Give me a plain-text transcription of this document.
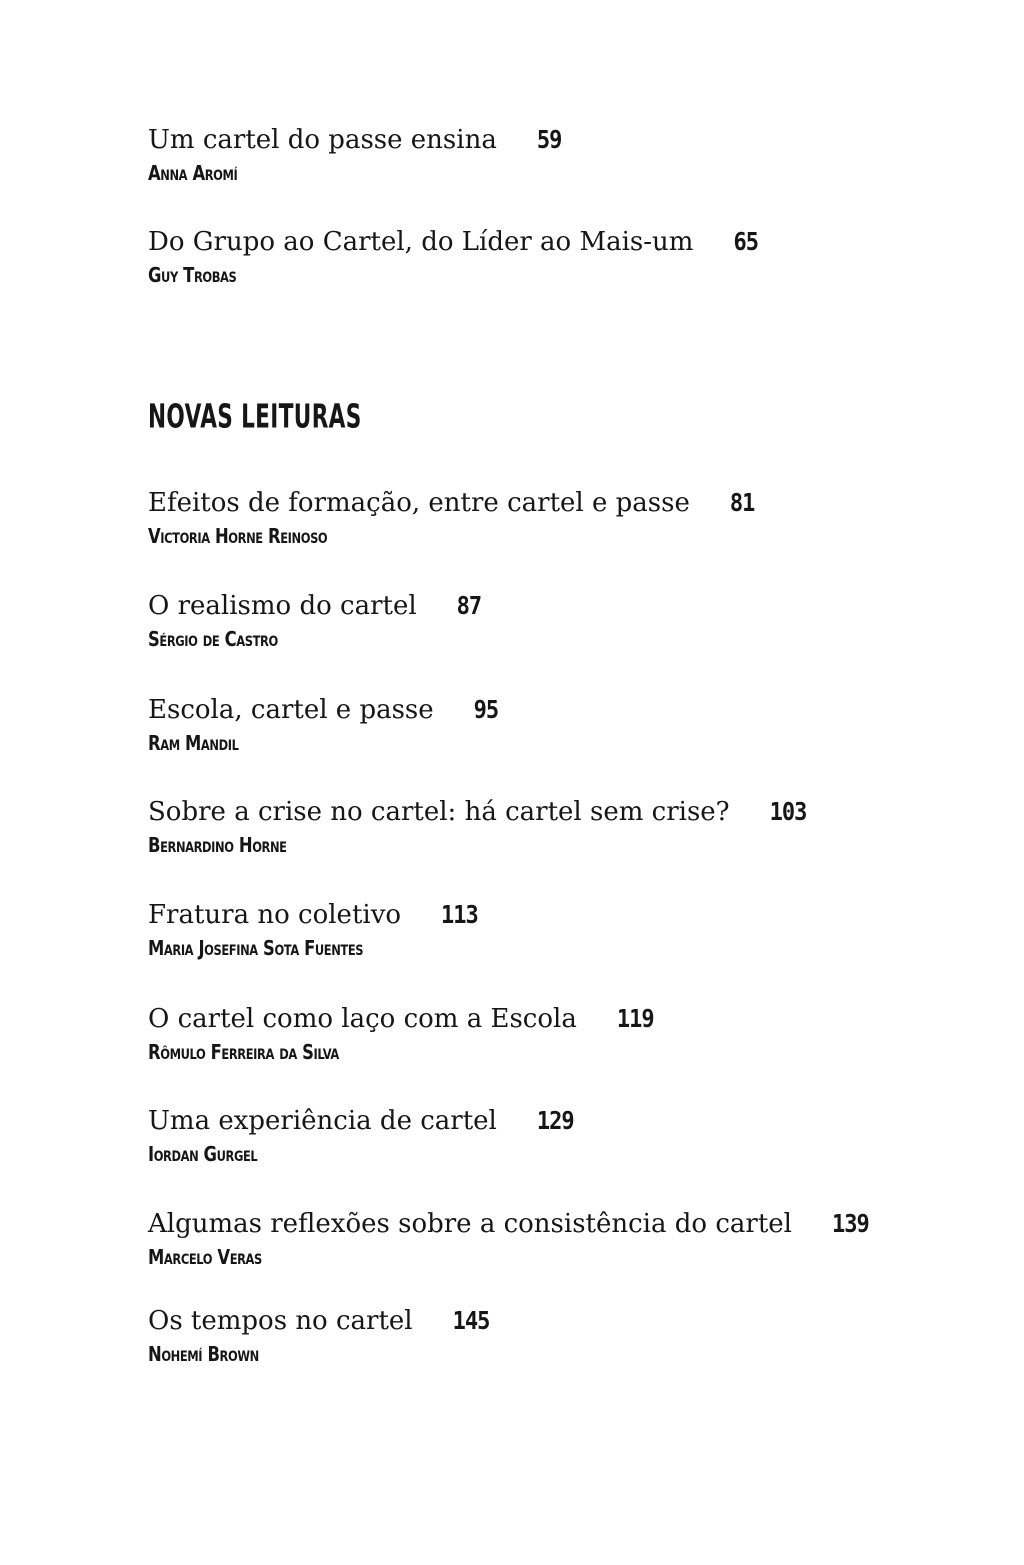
Um cartel do passe ensina 59
Anna Aromí
Do Grupo ao Cartel, do Líder ao Mais-um 65
Guy Trobas
NOVAS LEITURAS
Efeitos de formação, entre cartel e passe 81
Victoria Horne Reinoso
O realismo do cartel 87
Sérgio de Castro
Escola, cartel e passe 95
Ram Mandil
Sobre a crise no cartel: há cartel sem crise? 103
Bernardino Horne
Fratura no coletivo 113
Maria Josefina Sota Fuentes
O cartel como laço com a Escola 119
Rômulo Ferreira da Silva
Uma experiência de cartel 129
Iordan Gurgel
Algumas reflexões sobre a consistência do cartel 139
Marcelo Veras
Os tempos no cartel 145
Nohemí Brown
